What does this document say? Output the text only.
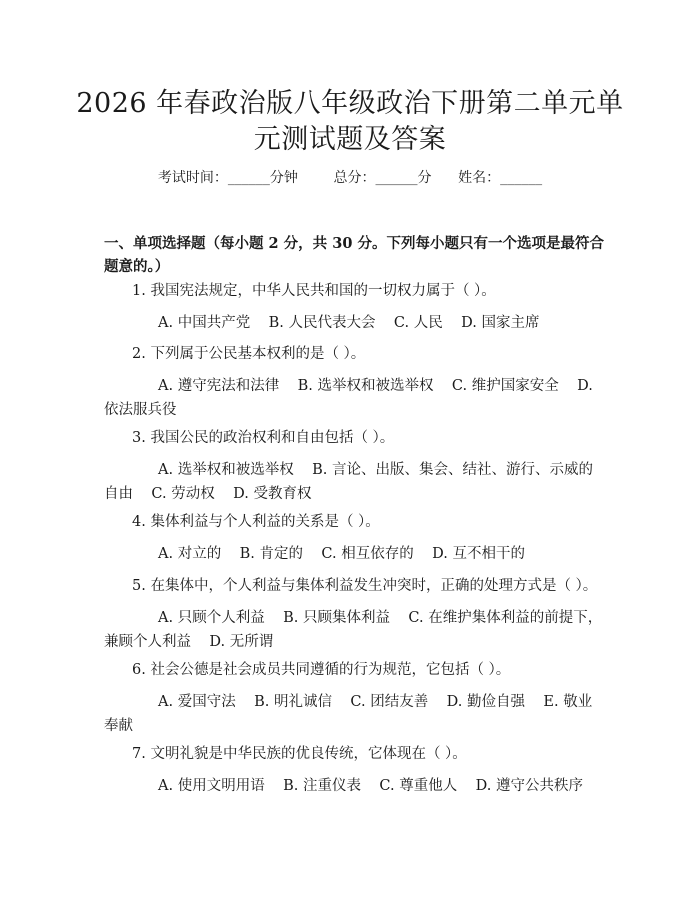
2026 年春政治版八年级政治下册第二单元单
元测试题及答案
考试时间：______分钟	总分：______分 姓名：______

一、单项选择题（每小题 2 分，共 30 分。下列每小题只有一个选项是最符合题意的。）

1. 我国宪法规定，中华人民共和国的一切权力属于（ ）。

A. 中国共产党    B. 人民代表大会    C. 人民    D. 国家主席

2. 下列属于公民基本权利的是（ ）。

A. 遵守宪法和法律    B. 选举权和被选举权    C. 维护国家安全    D. 依法服兵役

3. 我国公民的政治权利和自由包括（ ）。

A. 选举权和被选举权    B. 言论、出版、集会、结社、游行、示威的自由    C. 劳动权    D. 受教育权

4. 集体利益与个人利益的关系是（ ）。

A. 对立的    B. 肯定的    C. 相互依存的    D. 互不相干的

5. 在集体中，个人利益与集体利益发生冲突时，正确的处理方式是（ ）。

A. 只顾个人利益    B. 只顾集体利益    C. 在维护集体利益的前提下，兼顾个人利益    D. 无所谓

6. 社会公德是社会成员共同遵循的行为规范，它包括（ ）。

A. 爱国守法    B. 明礼诚信    C. 团结友善    D. 勤俭自强    E. 敬业奉献

7. 文明礼貌是中华民族的优良传统，它体现在（ ）。

A. 使用文明用语    B. 注重仪表    C. 尊重他人    D. 遵守公共秩序
